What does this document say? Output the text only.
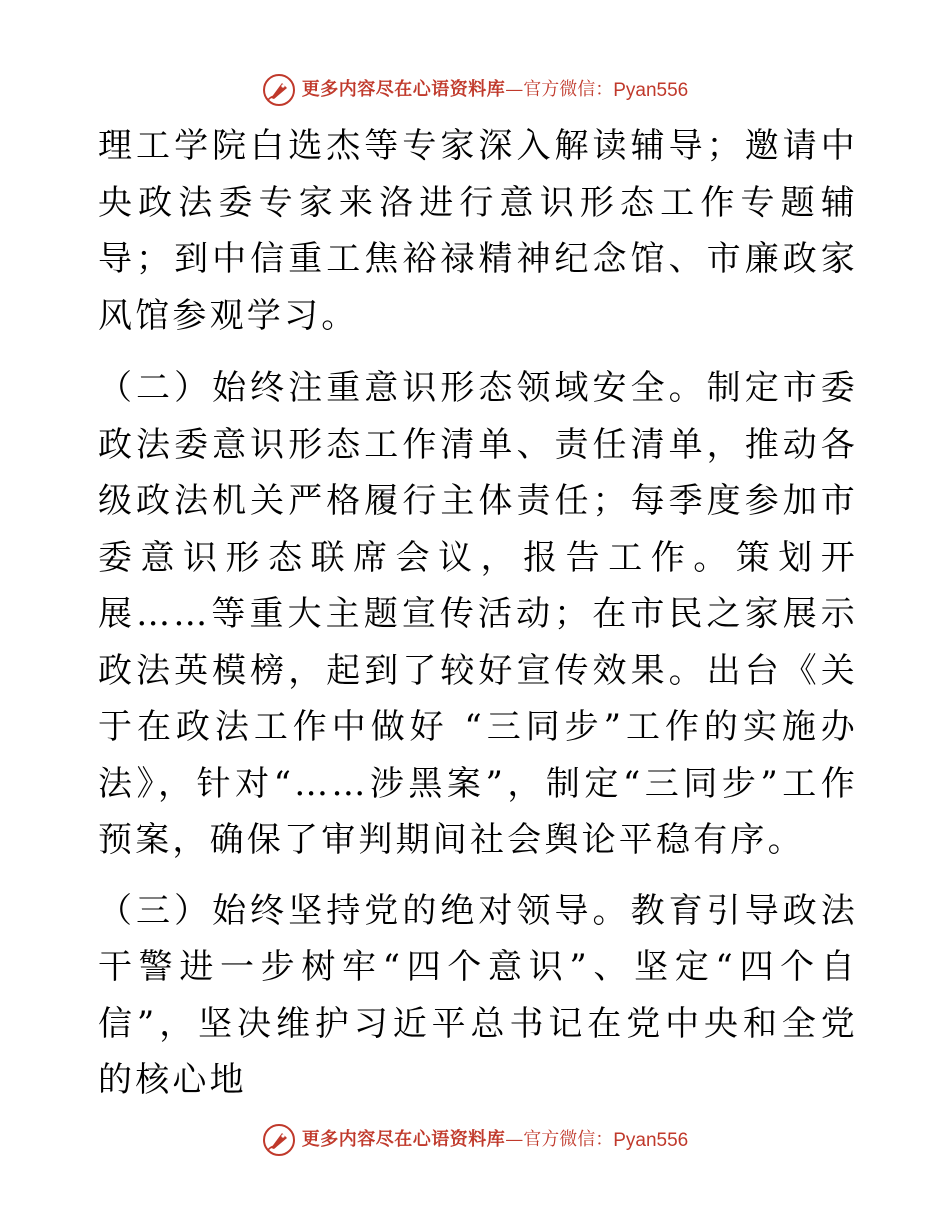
更多内容尽在心语资料库 — 官方微信： Pyan556

理工学院白选杰等专家深入解读辅导；邀请中央政法委专家来洛进行意识形态工作专题辅导；到中信重工焦裕禄精神纪念馆、市廉政家风馆参观学习。

（二）始终注重意识形态领域安全。制定市委政法委意识形态工作清单、责任清单，推动各级政法机关严格履行主体责任；每季度参加市委意识形态联席会议，报告工作。策划开展……等重大主题宣传活动；在市民之家展示政法英模榜，起到了较好宣传效果。出台《关于在政法工作中做好 “三同步”工作的实施办法》，针对“……涉黑案”，制定“三同步”工作预案，确保了审判期间社会舆论平稳有序。

（三）始终坚持党的绝对领导。教育引导政法干警进一步树牢“四个意识”、坚定“四个自信”，坚决维护习近平总书记在党中央和全党的核心地

更多内容尽在心语资料库 — 官方微信： Pyan556
